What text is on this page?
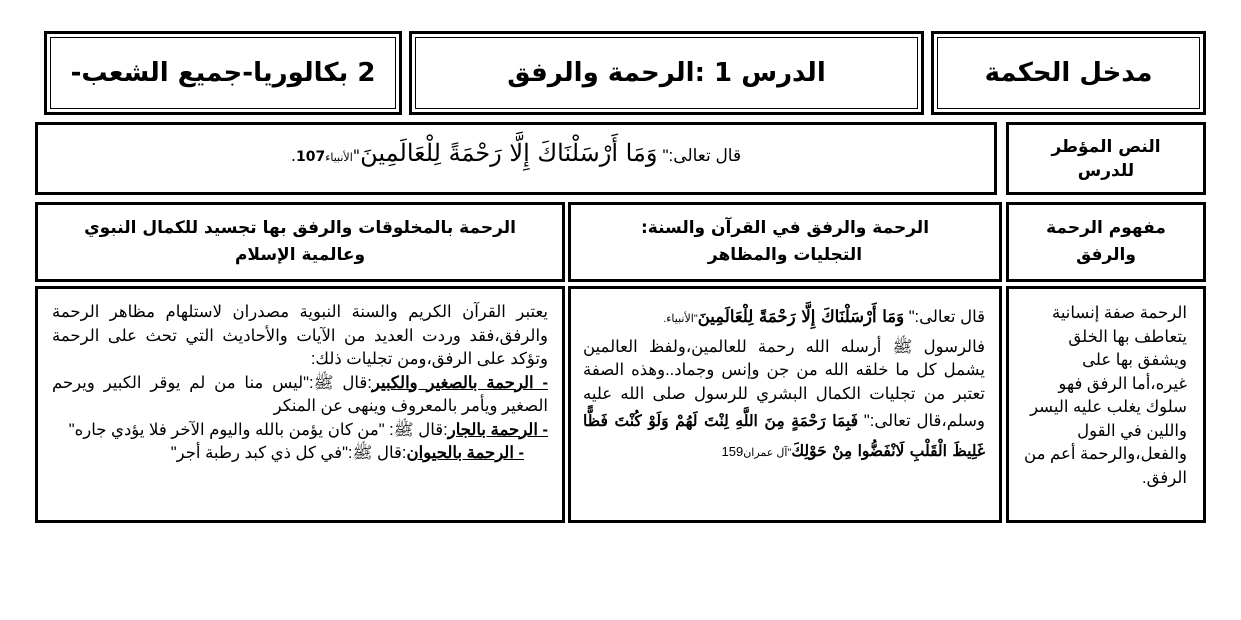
مدخل الحكمة
الدرس 1 :الرحمة والرفق
2 بكالوريا-جميع الشعب-
النص المؤطر للدرس
قال تعالى:" وَمَا أَرْسَلْنَاكَ إِلَّا رَحْمَةً لِلْعَالَمِينَ"الأنبياء107.
مفهوم الرحمة والرفق
الرحمة والرفق في القرآن والسنة:
التجليات والمظاهر
الرحمة بالمخلوقات والرفق بها تجسيد للكمال النبوي وعالمية الإسلام

الرحمة صفة إنسانية يتعاطف بها الخلق ويشفق بها على غيره،أما الرفق فهو سلوك يغلب عليه اليسر واللين في القول والفعل،والرحمة أعم من الرفق.

قال تعالى:" وَمَا أَرْسَلْنَاكَ إِلَّا رَحْمَةً لِلْعَالَمِينَ"الأنبياء.

فالرسول ﷺ أرسله الله رحمة للعالمين،ولفظ العالمين يشمل كل ما خلقه الله من جن وإنس وجماد..وهذه الصفة تعتبر من تجليات الكمال البشري للرسول صلى الله عليه وسلم،قال تعالى:" فَبِمَا رَحْمَةٍ مِنَ اللَّهِ لِنْتَ لَهُمْ وَلَوْ كُنْتَ فَظًّا غَلِيظَ الْقَلْبِ لَانْفَضُّوا مِنْ حَوْلِكَ"آل عمران159

يعتبر القرآن الكريم والسنة النبوية مصدران لاستلهام مظاهر الرحمة والرفق،فقد وردت العديد من الآيات والأحاديث التي تحث على الرحمة وتؤكد على الرفق،ومن تجليات ذلك:

- الرحمة بالصغير والكبير:قال ﷺ:"ليس منا من لم يوقر الكبير ويرحم الصغير ويأمر بالمعروف وينهى عن المنكر

- الرحمة بالجار:قال ﷺ: "من كان يؤمن بالله واليوم الآخر فلا يؤدي جاره"

- الرحمة بالحيوان:قال ﷺ:"في كل ذي كبد رطبة أجر"
